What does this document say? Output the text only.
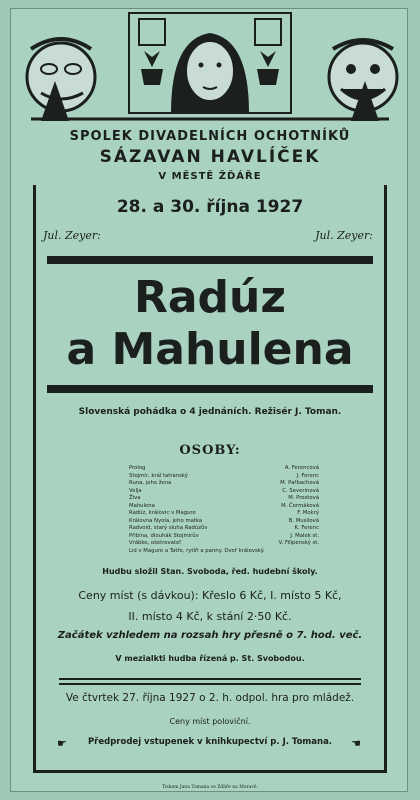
SPOLEK DIVADELNÍCH OCHOTNÍKŮ
SÁZAVAN HAVLÍČEK
V MĚSTĚ ŽĎÁŘE
28. a 30. října 1927
Jul. Zeyer:	Jul. Zeyer:
Radúz
a Mahulena
Slovenská pohádka o 4 jednáních. Režisér J. Toman.
OSOBY:
Prolog	A. Ferencová
Stojmír, král tatranský	J. Ferenc
Runa, jeho žena	M. Pařbachová
Velja	C. Severinová
Živa	M. Prostová
Mahulena	M. Čermáková
Radúz, královic v Magure	F. Mokrý
Královna Nyola, jeho matka	B. Musilová
Radvoid, starý sluha Radúzův	K. Ferenc
Přibina, dlouhák Stojmírův	J. Malek st.
Vrábko, ošetrovateľ	V. Filipenský st.
Lid v Magure a Tatře, rytíři a panny. Dvoř královský.
Hudbu složil Stan. Svoboda, řed. hudební školy.
Ceny míst (s dávkou): Křeslo 6 Kč, I. místo 5 Kč,
II. místo 4 Kč, k stání 2·50 Kč.
Začátek vzhledem na rozsah hry přesně o 7. hod. več.
V mezialkti hudba řízená p. St. Svobodou.
Ve čtvrtek 27. října 1927 o 2. h. odpol. hra pro mládež.
Ceny míst poloviční.
☛	Předprodej vstupenek v knihkupectví p. J. Tomana.	☚
Tiskem Jana Tomana ve Žďáře na Moravě.
